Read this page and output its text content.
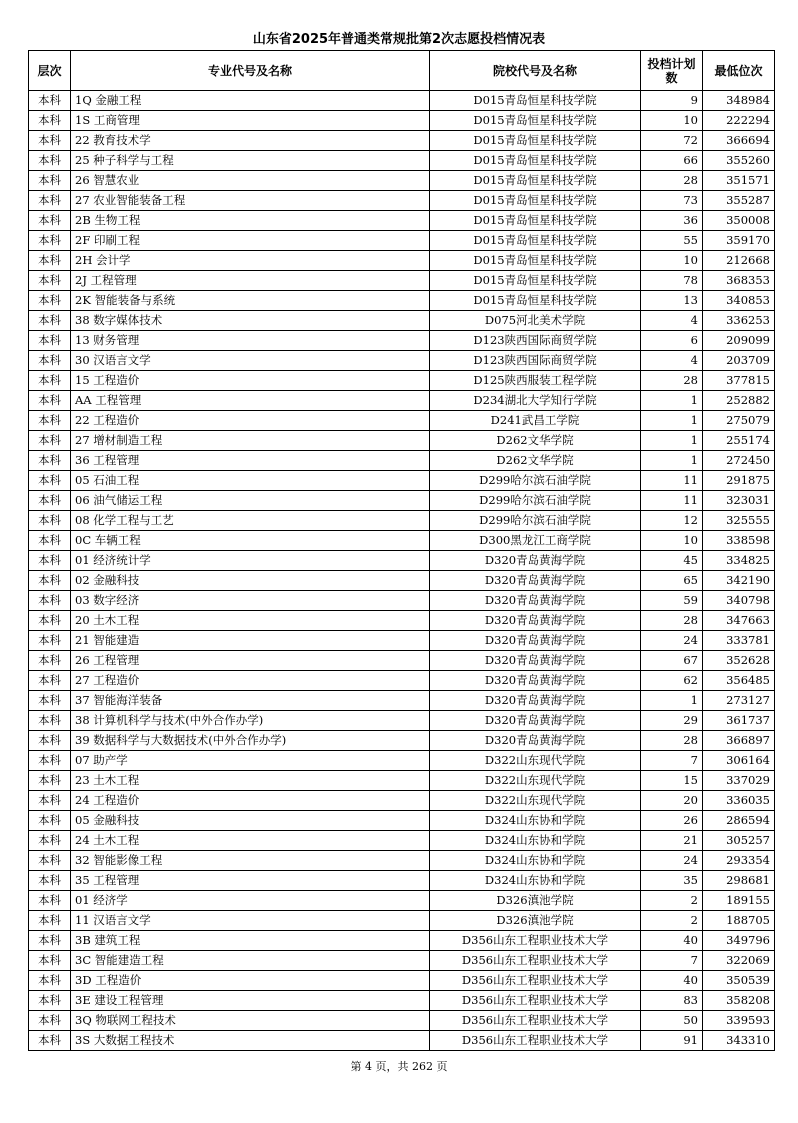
山东省2025年普通类常规批第2次志愿投档情况表
层次	专业代号及名称	院校代号及名称	投档计划数	最低位次
本科	1Q 金融工程	D015青岛恒星科技学院	9	348984
本科	1S 工商管理	D015青岛恒星科技学院	10	222294
本科	22 教育技术学	D015青岛恒星科技学院	72	366694
本科	25 种子科学与工程	D015青岛恒星科技学院	66	355260
本科	26 智慧农业	D015青岛恒星科技学院	28	351571
本科	27 农业智能装备工程	D015青岛恒星科技学院	73	355287
本科	2B 生物工程	D015青岛恒星科技学院	36	350008
本科	2F 印刷工程	D015青岛恒星科技学院	55	359170
本科	2H 会计学	D015青岛恒星科技学院	10	212668
本科	2J 工程管理	D015青岛恒星科技学院	78	368353
本科	2K 智能装备与系统	D015青岛恒星科技学院	13	340853
本科	38 数字媒体技术	D075河北美术学院	4	336253
本科	13 财务管理	D123陕西国际商贸学院	6	209099
本科	30 汉语言文学	D123陕西国际商贸学院	4	203709
本科	15 工程造价	D125陕西服装工程学院	28	377815
本科	AA 工程管理	D234湖北大学知行学院	1	252882
本科	22 工程造价	D241武昌工学院	1	275079
本科	27 增材制造工程	D262文华学院	1	255174
本科	36 工程管理	D262文华学院	1	272450
本科	05 石油工程	D299哈尔滨石油学院	11	291875
本科	06 油气储运工程	D299哈尔滨石油学院	11	323031
本科	08 化学工程与工艺	D299哈尔滨石油学院	12	325555
本科	0C 车辆工程	D300黑龙江工商学院	10	338598
本科	01 经济统计学	D320青岛黄海学院	45	334825
本科	02 金融科技	D320青岛黄海学院	65	342190
本科	03 数字经济	D320青岛黄海学院	59	340798
本科	20 土木工程	D320青岛黄海学院	28	347663
本科	21 智能建造	D320青岛黄海学院	24	333781
本科	26 工程管理	D320青岛黄海学院	67	352628
本科	27 工程造价	D320青岛黄海学院	62	356485
本科	37 智能海洋装备	D320青岛黄海学院	1	273127
本科	38 计算机科学与技术(中外合作办学)	D320青岛黄海学院	29	361737
本科	39 数据科学与大数据技术(中外合作办学)	D320青岛黄海学院	28	366897
本科	07 助产学	D322山东现代学院	7	306164
本科	23 土木工程	D322山东现代学院	15	337029
本科	24 工程造价	D322山东现代学院	20	336035
本科	05 金融科技	D324山东协和学院	26	286594
本科	24 土木工程	D324山东协和学院	21	305257
本科	32 智能影像工程	D324山东协和学院	24	293354
本科	35 工程管理	D324山东协和学院	35	298681
本科	01 经济学	D326滇池学院	2	189155
本科	11 汉语言文学	D326滇池学院	2	188705
本科	3B 建筑工程	D356山东工程职业技术大学	40	349796
本科	3C 智能建造工程	D356山东工程职业技术大学	7	322069
本科	3D 工程造价	D356山东工程职业技术大学	40	350539
本科	3E 建设工程管理	D356山东工程职业技术大学	83	358208
本科	3Q 物联网工程技术	D356山东工程职业技术大学	50	339593
本科	3S 大数据工程技术	D356山东工程职业技术大学	91	343310
第 4 页，共 262 页
